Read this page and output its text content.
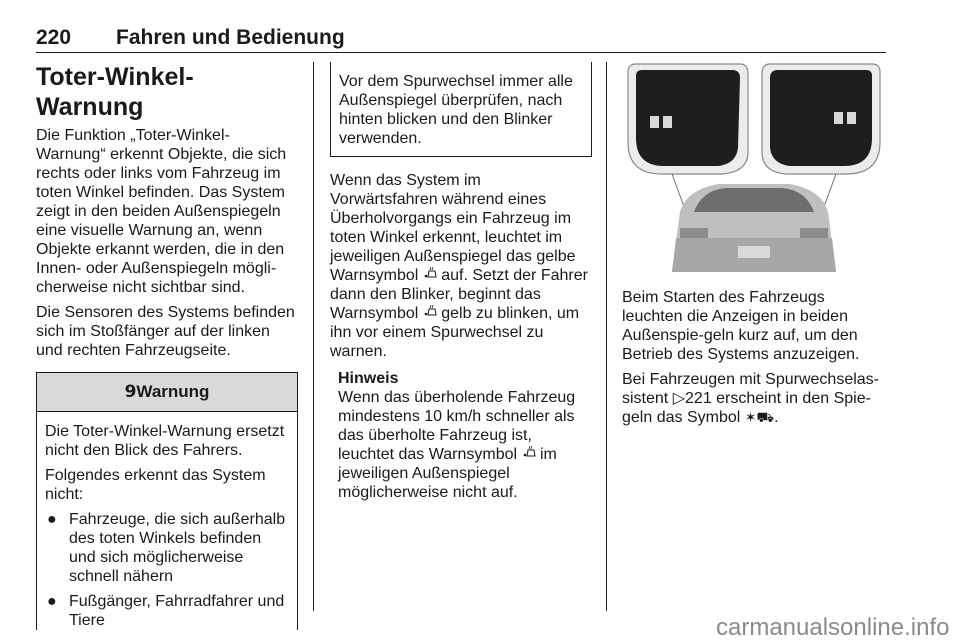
220 Fahren und Bedienung
Toter-Winkel-Warnung

Die Funktion „Toter-Winkel-Warnung“ erkennt Objekte, die sich rechts oder links vom Fahrzeug im toten Winkel befinden. Das System zeigt in den beiden Außenspiegeln eine visuelle Warnung an, wenn Objekte erkannt werden, die in den Innen- oder Außenspiegeln mögli-cherweise nicht sichtbar sind.

Die Sensoren des Systems befinden sich im Stoßfänger auf der linken und rechten Fahrzeugseite.

9Warnung

Die Toter-Winkel-Warnung ersetzt nicht den Blick des Fahrers.

Folgendes erkennt das System nicht:

● Fahrzeuge, die sich außerhalb des toten Winkels befinden und sich möglicherweise schnell nähern
● Fußgänger, Fahrradfahrer und Tiere
Vor dem Spurwechsel immer alle Außenspiegel überprüfen, nach hinten blicken und den Blinker verwenden.

Wenn das System im Vorwärtsfahren während eines Überholvorgangs ein Fahrzeug im toten Winkel erkennt, leuchtet im jeweiligen Außenspiegel das gelbe Warnsymbol auf. Setzt der Fahrer dann den Blinker, beginnt das Warnsymbol gelb zu blinken, um ihn vor einem Spurwechsel zu warnen.

Hinweis
Wenn das überholende Fahrzeug mindestens 10 km/h schneller als das überholte Fahrzeug ist, leuchtet das Warnsymbol im jeweiligen Außenspiegel möglicherweise nicht auf.

Beim Starten des Fahrzeugs leuchten die Anzeigen in beiden Außenspie-geln kurz auf, um den Betrieb des Systems anzuzeigen.

Bei Fahrzeugen mit Spurwechselas-sistent ▷221 erscheint in den Spie-geln das Symbol ✶⛟.

carmanualsonline.info
